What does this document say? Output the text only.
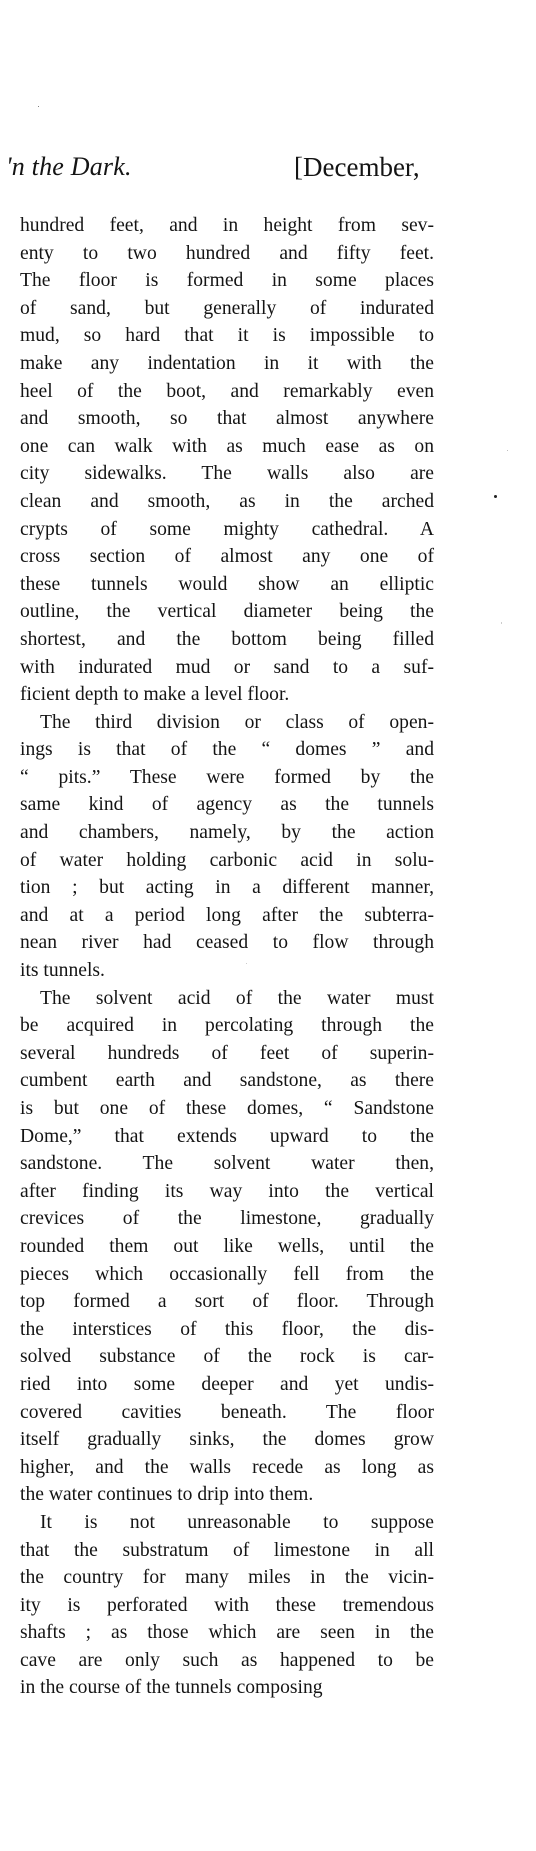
'n the Dark.	[December,

hundred feet, and in height from sev-
enty to two hundred and fifty feet.
The floor is formed in some places
of sand, but generally of indurated
mud, so hard that it is impossible to
make any indentation in it with the
heel of the boot, and remarkably even
and smooth, so that almost anywhere
one can walk with as much ease as on
city sidewalks. The walls also are
clean and smooth, as in the arched
crypts of some mighty cathedral. A
cross section of almost any one of
these tunnels would show an elliptic
outline, the vertical diameter being the
shortest, and the bottom being filled
with indurated mud or sand to a suf-
ficient depth to make a level floor.

The third division or class of open-
ings is that of the “ domes ” and
“ pits.” These were formed by the
same kind of agency as the tunnels
and chambers, namely, by the action
of water holding carbonic acid in solu-
tion ; but acting in a different manner,
and at a period long after the subterra-
nean river had ceased to flow through
its tunnels.

The solvent acid of the water must
be acquired in percolating through the
several hundreds of feet of superin-
cumbent earth and sandstone, as there
is but one of these domes, “ Sandstone
Dome,” that extends upward to the
sandstone. The solvent water then,
after finding its way into the vertical
crevices of the limestone, gradually
rounded them out like wells, until the
pieces which occasionally fell from the
top formed a sort of floor. Through
the interstices of this floor, the dis-
solved substance of the rock is car-
ried into some deeper and yet undis-
covered cavities beneath. The floor
itself gradually sinks, the domes grow
higher, and the walls recede as long as
the water continues to drip into them.

It is not unreasonable to suppose
that the substratum of limestone in all
the country for many miles in the vicin-
ity is perforated with these tremendous
shafts ; as those which are seen in the
cave are only such as happened to be
in the course of the tunnels composing
